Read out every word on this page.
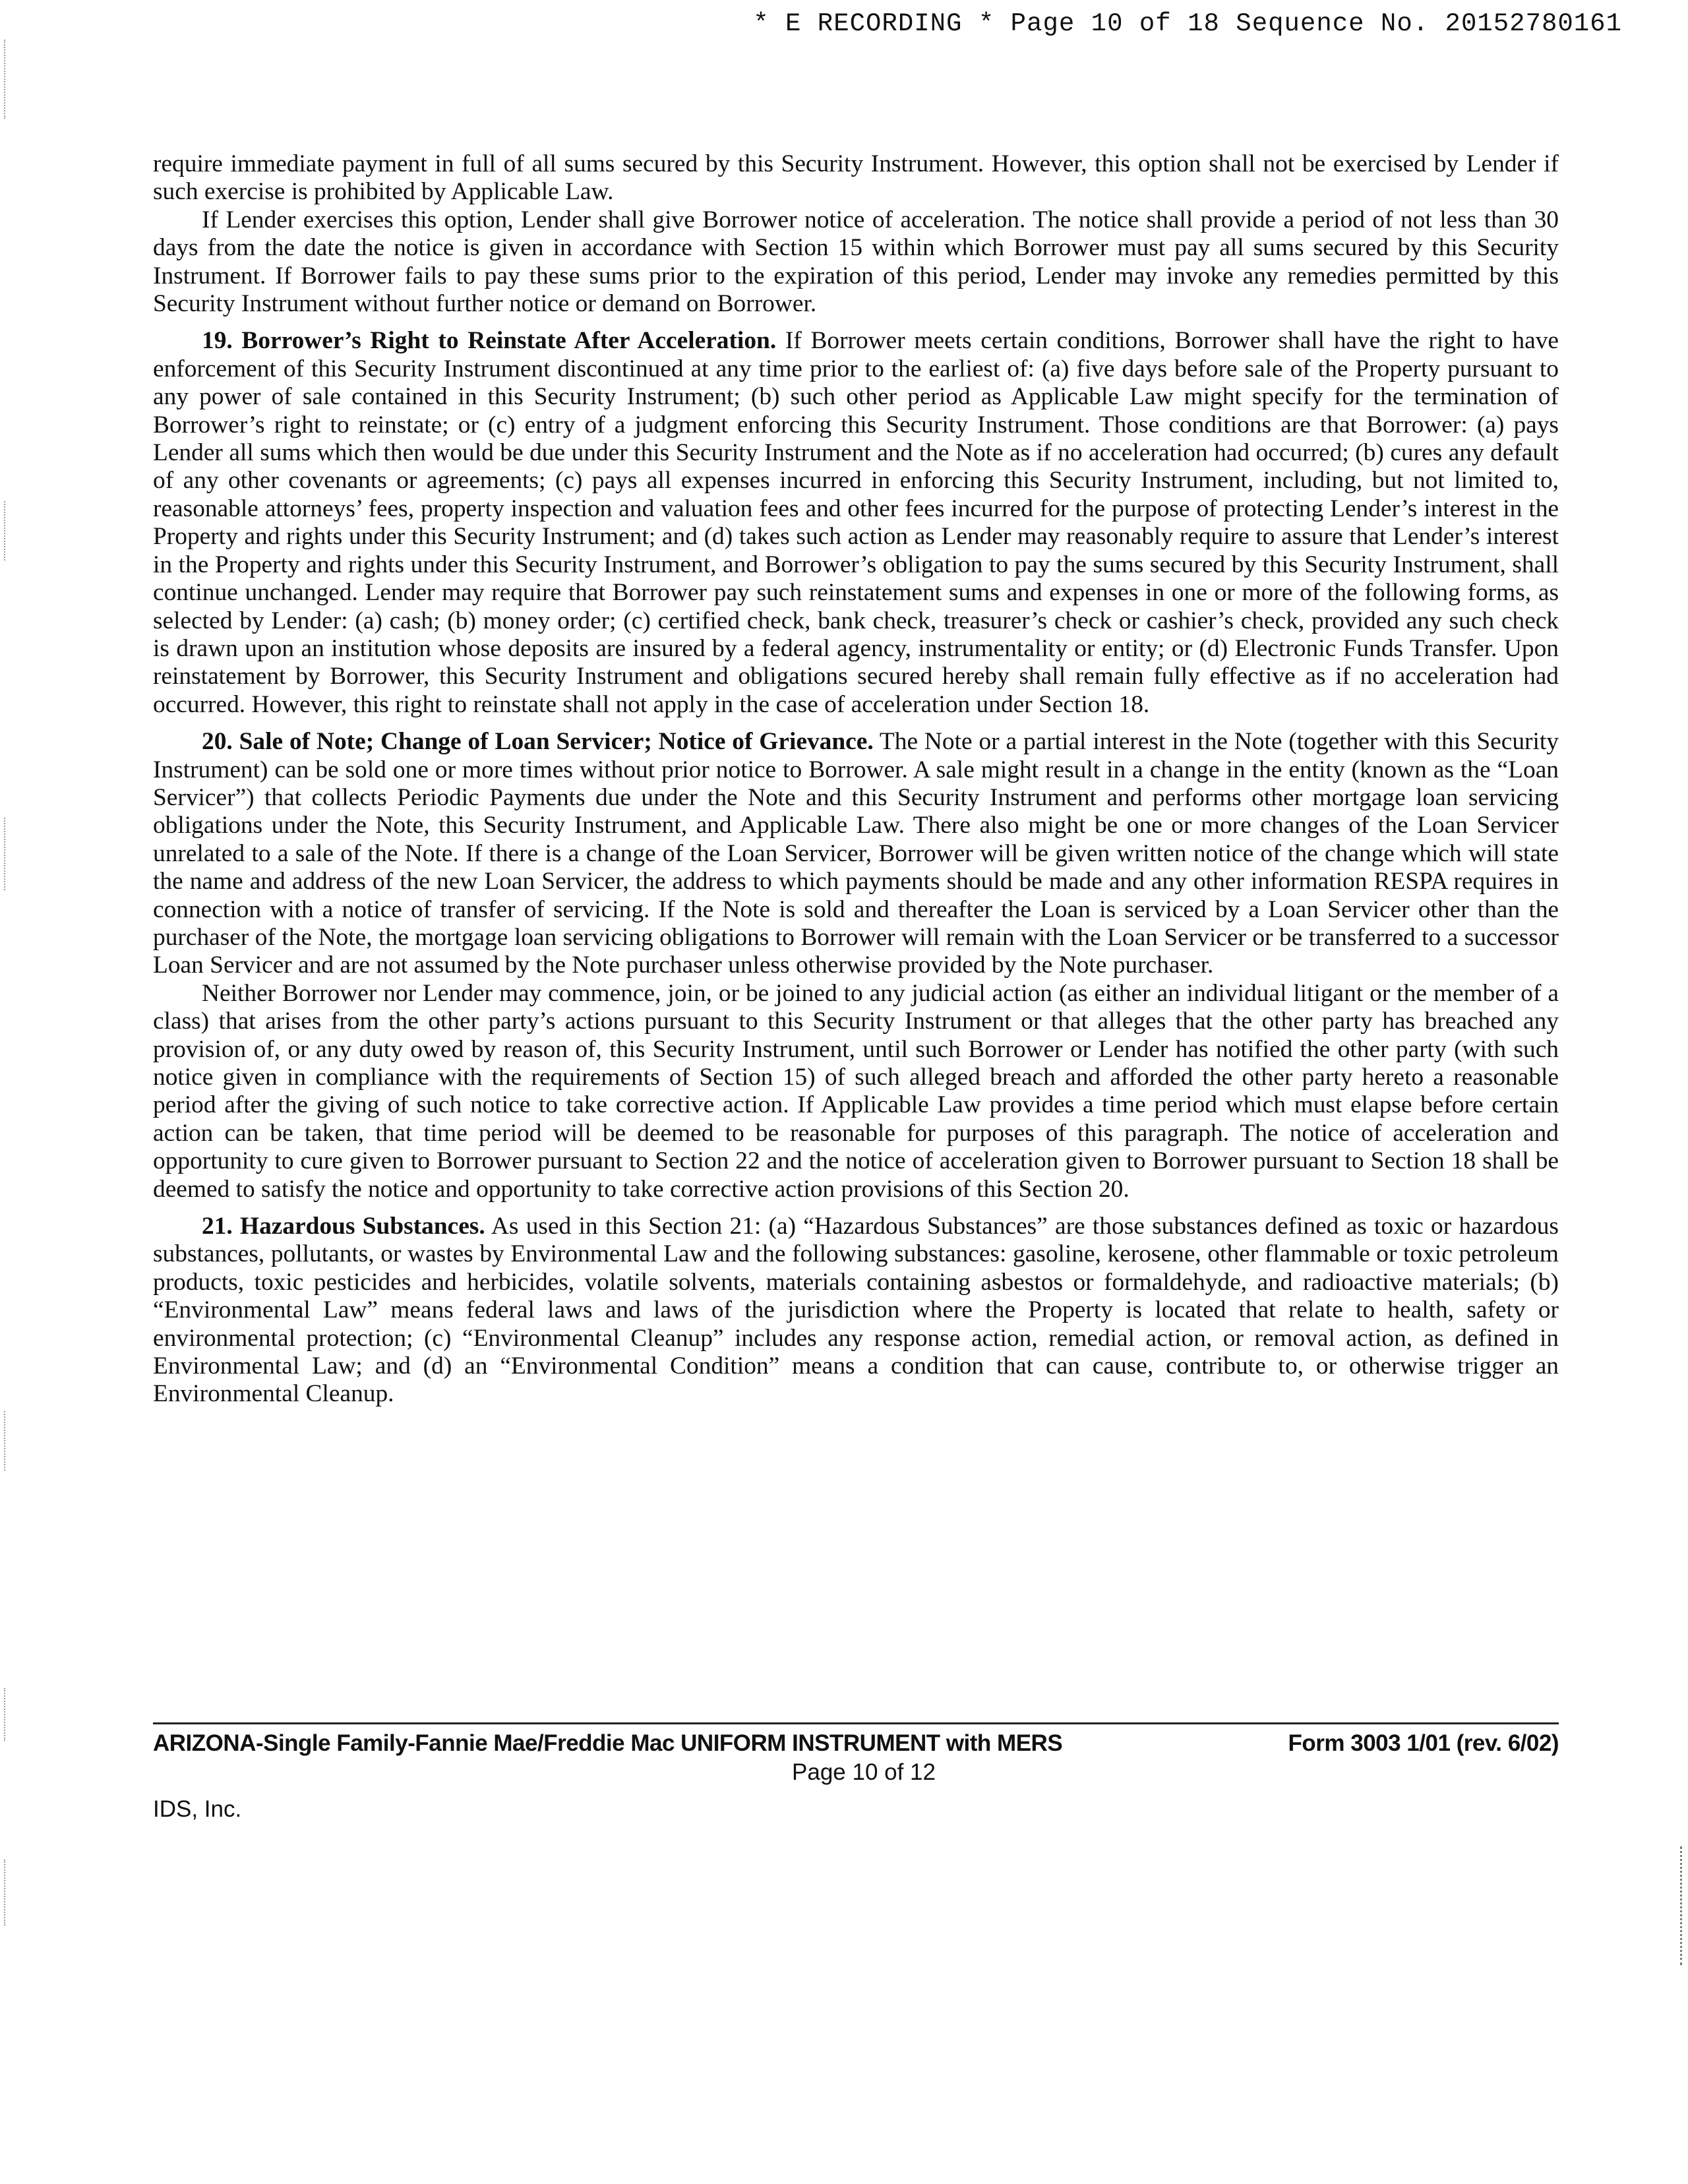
* E RECORDING * Page 10 of 18 Sequence No. 20152780161

require immediate payment in full of all sums secured by this Security Instrument. However, this option shall not be exercised by Lender if such exercise is prohibited by Applicable Law.

If Lender exercises this option, Lender shall give Borrower notice of acceleration. The notice shall provide a period of not less than 30 days from the date the notice is given in accordance with Section 15 within which Borrower must pay all sums secured by this Security Instrument. If Borrower fails to pay these sums prior to the expiration of this period, Lender may invoke any remedies permitted by this Security Instrument without further notice or demand on Borrower.

19. Borrower’s Right to Reinstate After Acceleration. If Borrower meets certain conditions, Borrower shall have the right to have enforcement of this Security Instrument discontinued at any time prior to the earliest of: (a) five days before sale of the Property pursuant to any power of sale contained in this Security Instrument; (b) such other period as Applicable Law might specify for the termination of Borrower’s right to reinstate; or (c) entry of a judgment enforcing this Security Instrument. Those conditions are that Borrower: (a) pays Lender all sums which then would be due under this Security Instrument and the Note as if no acceleration had occurred; (b) cures any default of any other covenants or agreements; (c) pays all expenses incurred in enforcing this Security Instrument, including, but not limited to, reasonable attorneys’ fees, property inspection and valuation fees and other fees incurred for the purpose of protecting Lender’s interest in the Property and rights under this Security Instrument; and (d) takes such action as Lender may reasonably require to assure that Lender’s interest in the Property and rights under this Security Instrument, and Borrower’s obligation to pay the sums secured by this Security Instrument, shall continue unchanged. Lender may require that Borrower pay such reinstatement sums and expenses in one or more of the following forms, as selected by Lender: (a) cash; (b) money order; (c) certified check, bank check, treasurer’s check or cashier’s check, provided any such check is drawn upon an institution whose deposits are insured by a federal agency, instrumentality or entity; or (d) Electronic Funds Transfer. Upon reinstatement by Borrower, this Security Instrument and obligations secured hereby shall remain fully effective as if no acceleration had occurred. However, this right to reinstate shall not apply in the case of acceleration under Section 18.

20. Sale of Note; Change of Loan Servicer; Notice of Grievance. The Note or a partial interest in the Note (together with this Security Instrument) can be sold one or more times without prior notice to Borrower. A sale might result in a change in the entity (known as the “Loan Servicer”) that collects Periodic Payments due under the Note and this Security Instrument and performs other mortgage loan servicing obligations under the Note, this Security Instrument, and Applicable Law. There also might be one or more changes of the Loan Servicer unrelated to a sale of the Note. If there is a change of the Loan Servicer, Borrower will be given written notice of the change which will state the name and address of the new Loan Servicer, the address to which payments should be made and any other information RESPA requires in connection with a notice of transfer of servicing. If the Note is sold and thereafter the Loan is serviced by a Loan Servicer other than the purchaser of the Note, the mortgage loan servicing obligations to Borrower will remain with the Loan Servicer or be transferred to a successor Loan Servicer and are not assumed by the Note purchaser unless otherwise provided by the Note purchaser.

Neither Borrower nor Lender may commence, join, or be joined to any judicial action (as either an individual litigant or the member of a class) that arises from the other party’s actions pursuant to this Security Instrument or that alleges that the other party has breached any provision of, or any duty owed by reason of, this Security Instrument, until such Borrower or Lender has notified the other party (with such notice given in compliance with the requirements of Section 15) of such alleged breach and afforded the other party hereto a reasonable period after the giving of such notice to take corrective action. If Applicable Law provides a time period which must elapse before certain action can be taken, that time period will be deemed to be reasonable for purposes of this paragraph. The notice of acceleration and opportunity to cure given to Borrower pursuant to Section 22 and the notice of acceleration given to Borrower pursuant to Section 18 shall be deemed to satisfy the notice and opportunity to take corrective action provisions of this Section 20.

21. Hazardous Substances. As used in this Section 21: (a) “Hazardous Substances” are those substances defined as toxic or hazardous substances, pollutants, or wastes by Environmental Law and the following substances: gasoline, kerosene, other flammable or toxic petroleum products, toxic pesticides and herbicides, volatile solvents, materials containing asbestos or formaldehyde, and radioactive materials; (b) “Environmental Law” means federal laws and laws of the jurisdiction where the Property is located that relate to health, safety or environmental protection; (c) “Environmental Cleanup” includes any response action, remedial action, or removal action, as defined in Environmental Law; and (d) an “Environmental Condition” means a condition that can cause, contribute to, or otherwise trigger an Environmental Cleanup.

ARIZONA-Single Family-Fannie Mae/Freddie Mac UNIFORM INSTRUMENT with MERS	Form 3003 1/01 (rev. 6/02)
Page 10 of 12
IDS, Inc.
